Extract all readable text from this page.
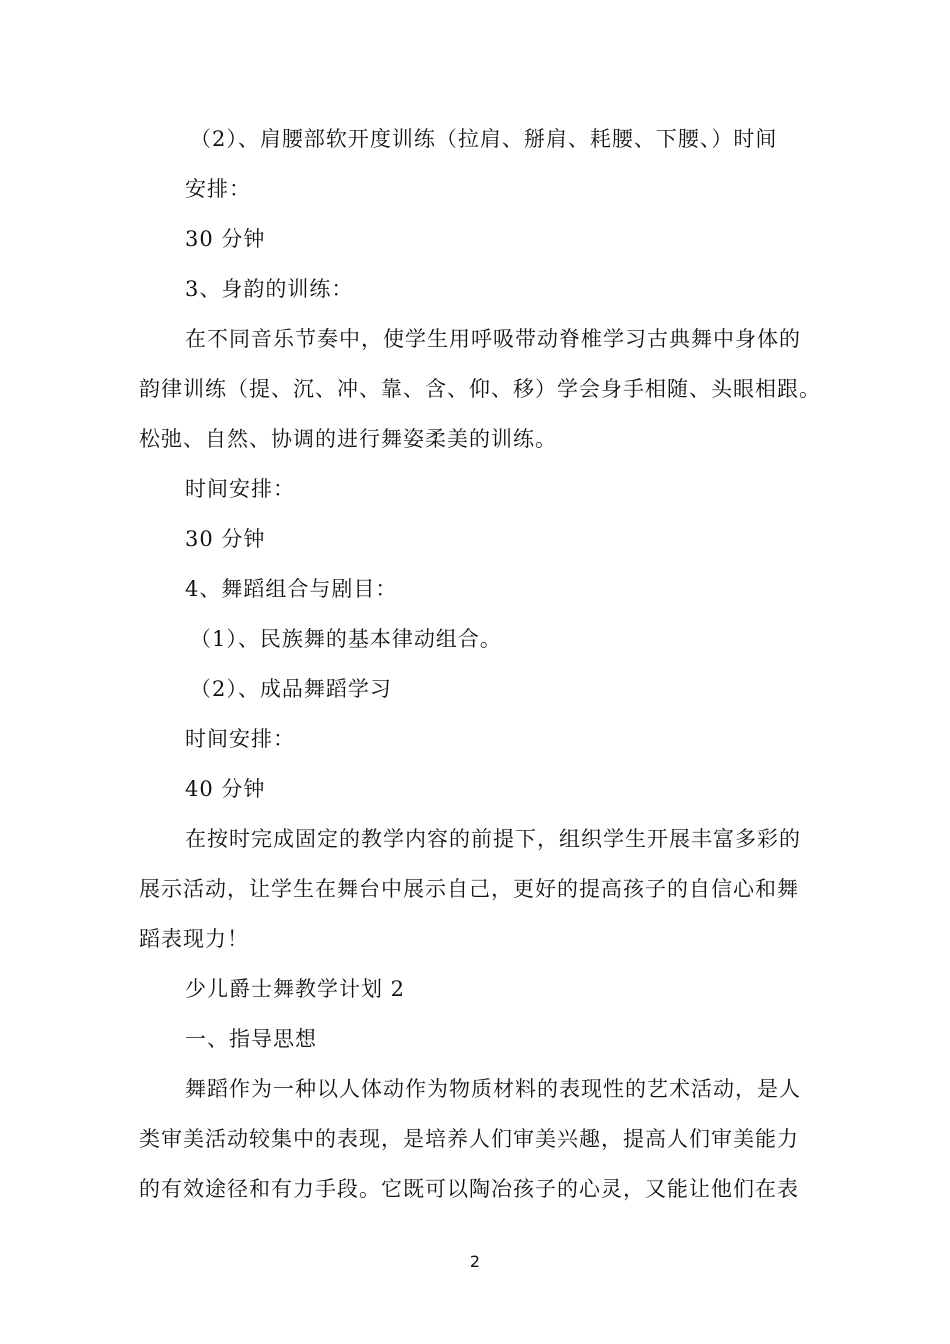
（2）、肩腰部软开度训练（拉肩、掰肩、耗腰、下腰、）时间
安排：
30 分钟
3、身韵的训练：
在不同音乐节奏中，使学生用呼吸带动脊椎学习古典舞中身体的
韵律训练（提、沉、冲、靠、含、仰、移）学会身手相随、头眼相跟。
松弛、自然、协调的进行舞姿柔美的训练。
时间安排：
30 分钟
4、舞蹈组合与剧目：
（1）、民族舞的基本律动组合。
（2）、成品舞蹈学习
时间安排：
40 分钟
在按时完成固定的教学内容的前提下，组织学生开展丰富多彩的
展示活动，让学生在舞台中展示自己，更好的提高孩子的自信心和舞
蹈表现力！
少儿爵士舞教学计划 2
一、指导思想
舞蹈作为一种以人体动作为物质材料的表现性的艺术活动，是人
类审美活动较集中的表现，是培养人们审美兴趣，提高人们审美能力
的有效途径和有力手段。它既可以陶冶孩子的心灵，又能让他们在表
2
